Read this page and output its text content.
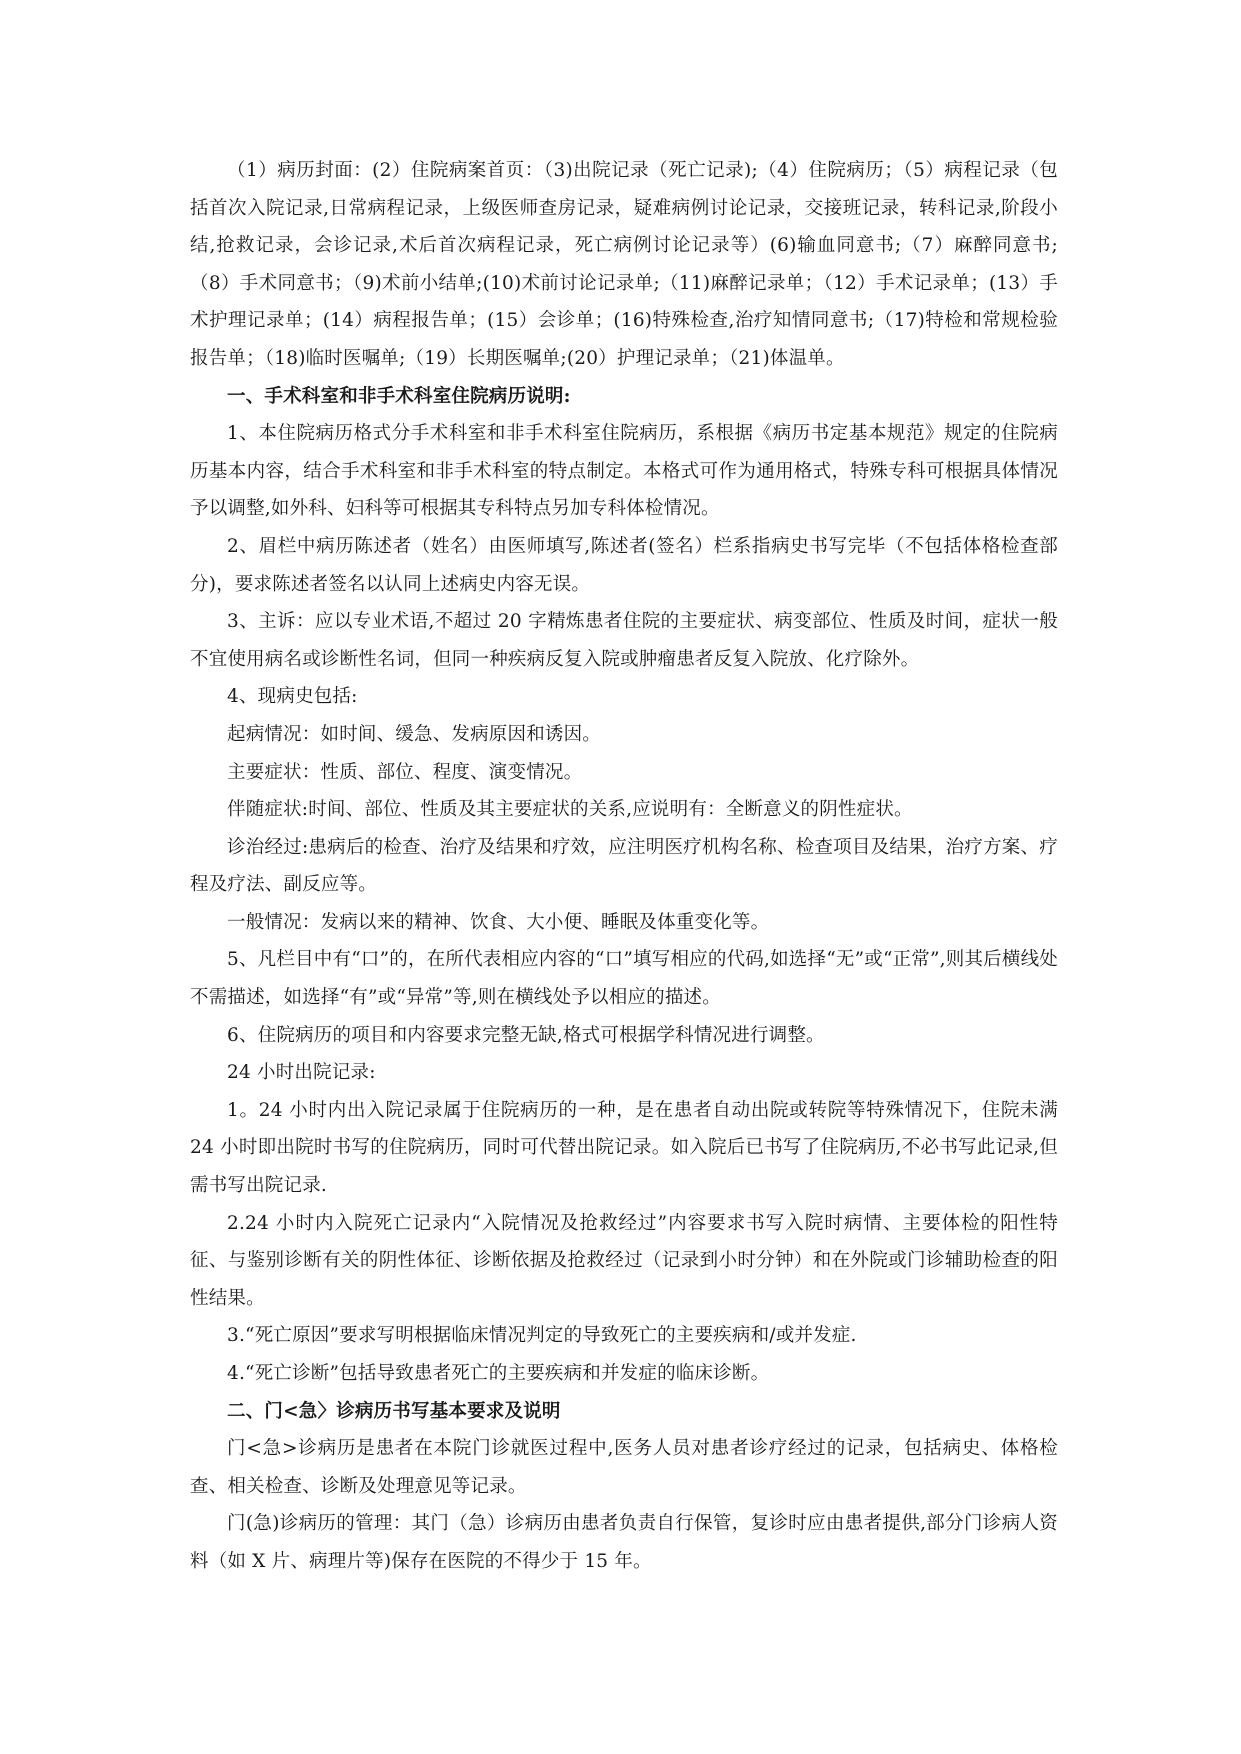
（1）病历封面：(2）住院病案首页：（3)出院记录（死亡记录);（4）住院病历；（5）病程记录（包括首次入院记录,日常病程记录，上级医师查房记录，疑难病例讨论记录，交接班记录，转科记录,阶段小结,抢救记录，会诊记录,术后首次病程记录，死亡病例讨论记录等）(6)输血同意书;（7）麻醉同意书;（8）手术同意书；（9)术前小结单;(10)术前讨论记录单;（11)麻醉记录单；（12）手术记录单；(13）手术护理记录单；(14）病程报告单；(15）会诊单；(16)特殊检查,治疗知情同意书;（17)特检和常规检验报告单；（18)临时医嘱单;（19）长期医嘱单;(20）护理记录单；（21)体温单。

一、手术科室和非手术科室住院病历说明:

1、本住院病历格式分手术科室和非手术科室住院病历，系根据《病历书定基本规范》规定的住院病历基本内容，结合手术科室和非手术科室的特点制定。本格式可作为通用格式，特殊专科可根据具体情况予以调整,如外科、妇科等可根据其专科特点另加专科体检情况。

2、眉栏中病历陈述者（姓名）由医师填写,陈述者(签名）栏系指病史书写完毕（不包括体格检查部分)，要求陈述者签名以认同上述病史内容无误。

3、主诉：应以专业术语,不超过 20 字精炼患者住院的主要症状、病变部位、性质及时间，症状一般不宜使用病名或诊断性名词，但同一种疾病反复入院或肿瘤患者反复入院放、化疗除外。

4、现病史包括:

起病情况：如时间、缓急、发病原因和诱因。

主要症状：性质、部位、程度、演变情况。

伴随症状:时间、部位、性质及其主要症状的关系,应说明有：全断意义的阴性症状。

诊治经过:患病后的检查、治疗及结果和疗效，应注明医疗机构名称、检查项目及结果，治疗方案、疗程及疗法、副反应等。

一般情况：发病以来的精神、饮食、大小便、睡眠及体重变化等。

5、凡栏目中有“口”的，在所代表相应内容的“口”填写相应的代码,如选择“无”或“正常”,则其后横线处不需描述，如选择“有”或“异常”等,则在横线处予以相应的描述。

6、住院病历的项目和内容要求完整无缺,格式可根据学科情况进行调整。

24 小时出院记录:

1。24 小时内出入院记录属于住院病历的一种，是在患者自动出院或转院等特殊情况下，住院未满 24 小时即出院时书写的住院病历，同时可代替出院记录。如入院后已书写了住院病历,不必书写此记录,但需书写出院记录.

2.24 小时内入院死亡记录内“入院情况及抢救经过”内容要求书写入院时病情、主要体检的阳性特征、与鉴别诊断有关的阴性体征、诊断依据及抢救经过（记录到小时分钟）和在外院或门诊辅助检查的阳性结果。

3.“死亡原因”要求写明根据临床情况判定的导致死亡的主要疾病和/或并发症.

4.“死亡诊断”包括导致患者死亡的主要疾病和并发症的临床诊断。

二、门<急〉诊病历书写基本要求及说明

门<急>诊病历是患者在本院门诊就医过程中,医务人员对患者诊疗经过的记录，包括病史、体格检查、相关检查、诊断及处理意见等记录。

门(急)诊病历的管理：其门（急）诊病历由患者负责自行保管，复诊时应由患者提供,部分门诊病人资料（如 X 片、病理片等)保存在医院的不得少于 15 年。
